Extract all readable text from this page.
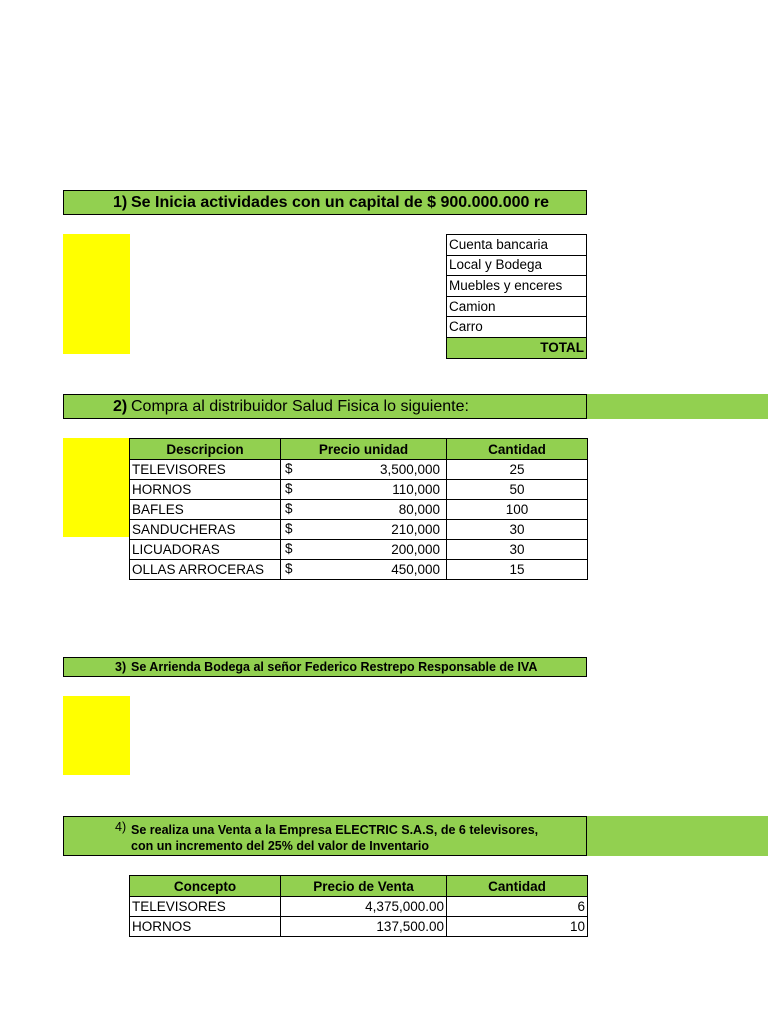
1) Se Inicia actividades con un capital de $ 900.000.000 re
Cuenta bancaria
Local y Bodega
Muebles y enceres
Camion
Carro
TOTAL
2) Compra al distribuidor Salud Fisica lo siguiente:
Descripcion	Precio unidad	Cantidad
TELEVISORES	$ 3,500,000	25
HORNOS	$ 110,000	50
BAFLES	$ 80,000	100
SANDUCHERAS	$ 210,000	30
LICUADORAS	$ 200,000	30
OLLAS ARROCERAS	$ 450,000	15
3) Se Arrienda Bodega al señor Federico Restrepo Responsable de IVA
4) Se realiza una Venta a la Empresa ELECTRIC S.A.S, de 6 televisores,
con un incremento del 25% del valor de Inventario
Concepto	Precio de Venta	Cantidad
TELEVISORES	4,375,000.00	6
HORNOS	137,500.00	10
